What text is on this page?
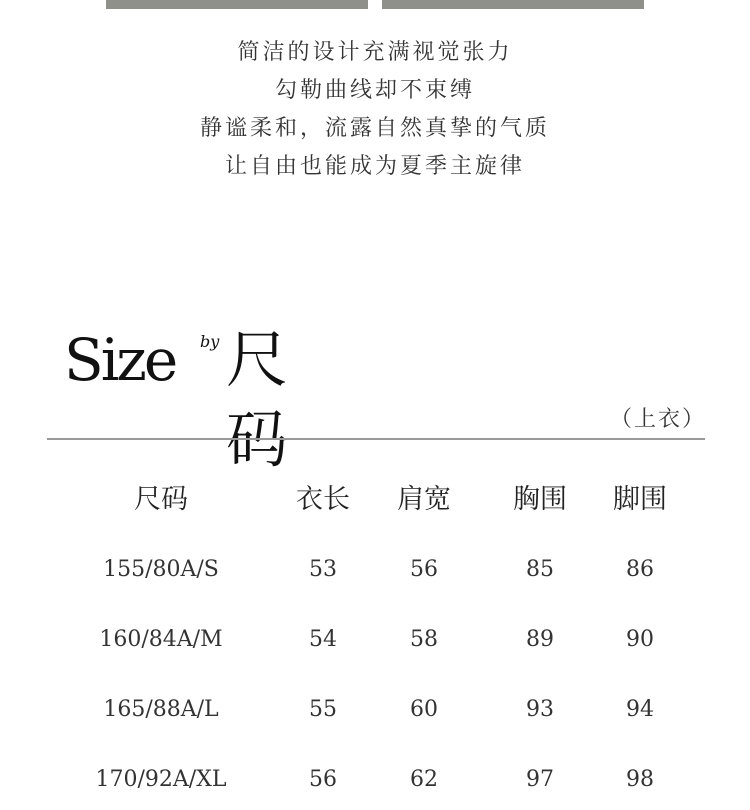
简洁的设计充满视觉张力
勾勒曲线却不束缚
静谧柔和，流露自然真挚的气质
让自由也能成为夏季主旋律
Size by 尺码	（上衣）
尺码	衣长 肩宽 胸围 脚围
155/80A/S	53	56	85	86
160/84A/M	54	58	89	90
165/88A/L	55	60	93	94
170/92A/XL	56	62	97	98
